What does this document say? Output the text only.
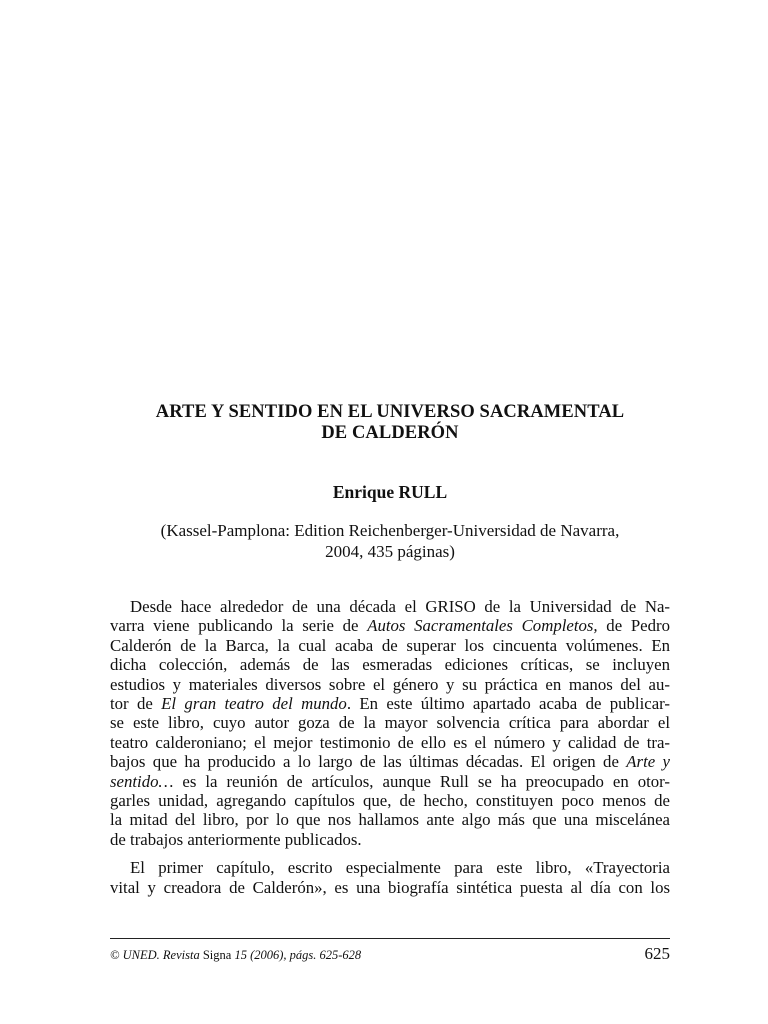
ARTE Y SENTIDO EN EL UNIVERSO SACRAMENTAL
DE CALDERÓN
Enrique RULL
(Kassel-Pamplona: Edition Reichenberger-Universidad de Navarra,
2004, 435 páginas)
Desde hace alrededor de una década el GRISO de la Universidad de Na-
varra viene publicando la serie de Autos Sacramentales Completos, de Pedro
Calderón de la Barca, la cual acaba de superar los cincuenta volúmenes. En
dicha colección, además de las esmeradas ediciones críticas, se incluyen
estudios y materiales diversos sobre el género y su práctica en manos del au-
tor de El gran teatro del mundo. En este último apartado acaba de publicar-
se este libro, cuyo autor goza de la mayor solvencia crítica para abordar el
teatro calderoniano; el mejor testimonio de ello es el número y calidad de tra-
bajos que ha producido a lo largo de las últimas décadas. El origen de Arte y
sentido… es la reunión de artículos, aunque Rull se ha preocupado en otor-
garles unidad, agregando capítulos que, de hecho, constituyen poco menos de
la mitad del libro, por lo que nos hallamos ante algo más que una miscelánea
de trabajos anteriormente publicados.
El primer capítulo, escrito especialmente para este libro, «Trayectoria
vital y creadora de Calderón», es una biografía sintética puesta al día con los
© UNED. Revista Signa 15 (2006), págs. 625-628	625
